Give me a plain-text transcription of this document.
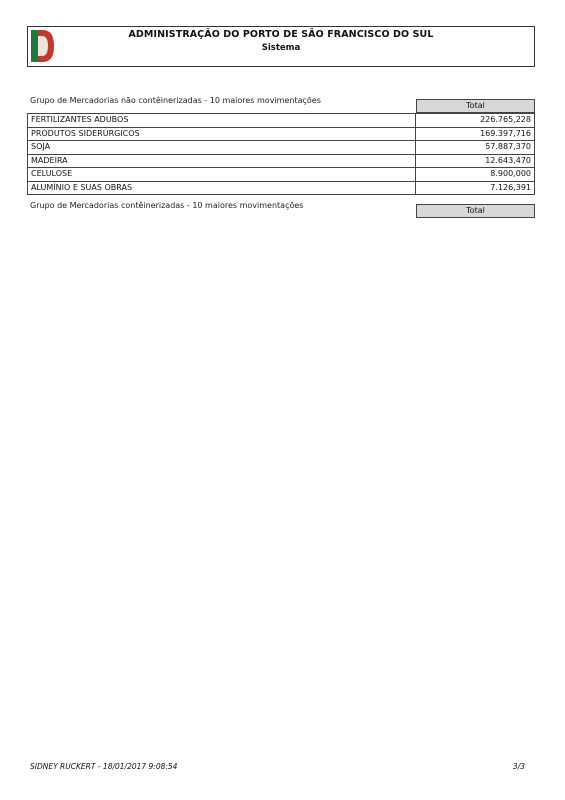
ADMINISTRAÇÃO DO PORTO DE SÃO FRANCISCO DO SUL
Sistema
Grupo de Mercadorias não contêinerizadas - 10 maiores movimentações
Total
FERTILIZANTES ADUBOS	226.765,228
PRODUTOS SIDERÚRGICOS	169.397,716
SOJA	57.887,370
MADEIRA	12.643,470
CELULOSE	8.900,000
ALUMÍNIO E SUAS OBRAS	7.126,391
Grupo de Mercadorias contêinerizadas - 10 maiores movimentações
Total
SIDNEY RUCKERT - 18/01/2017 9:08:54	3/3
